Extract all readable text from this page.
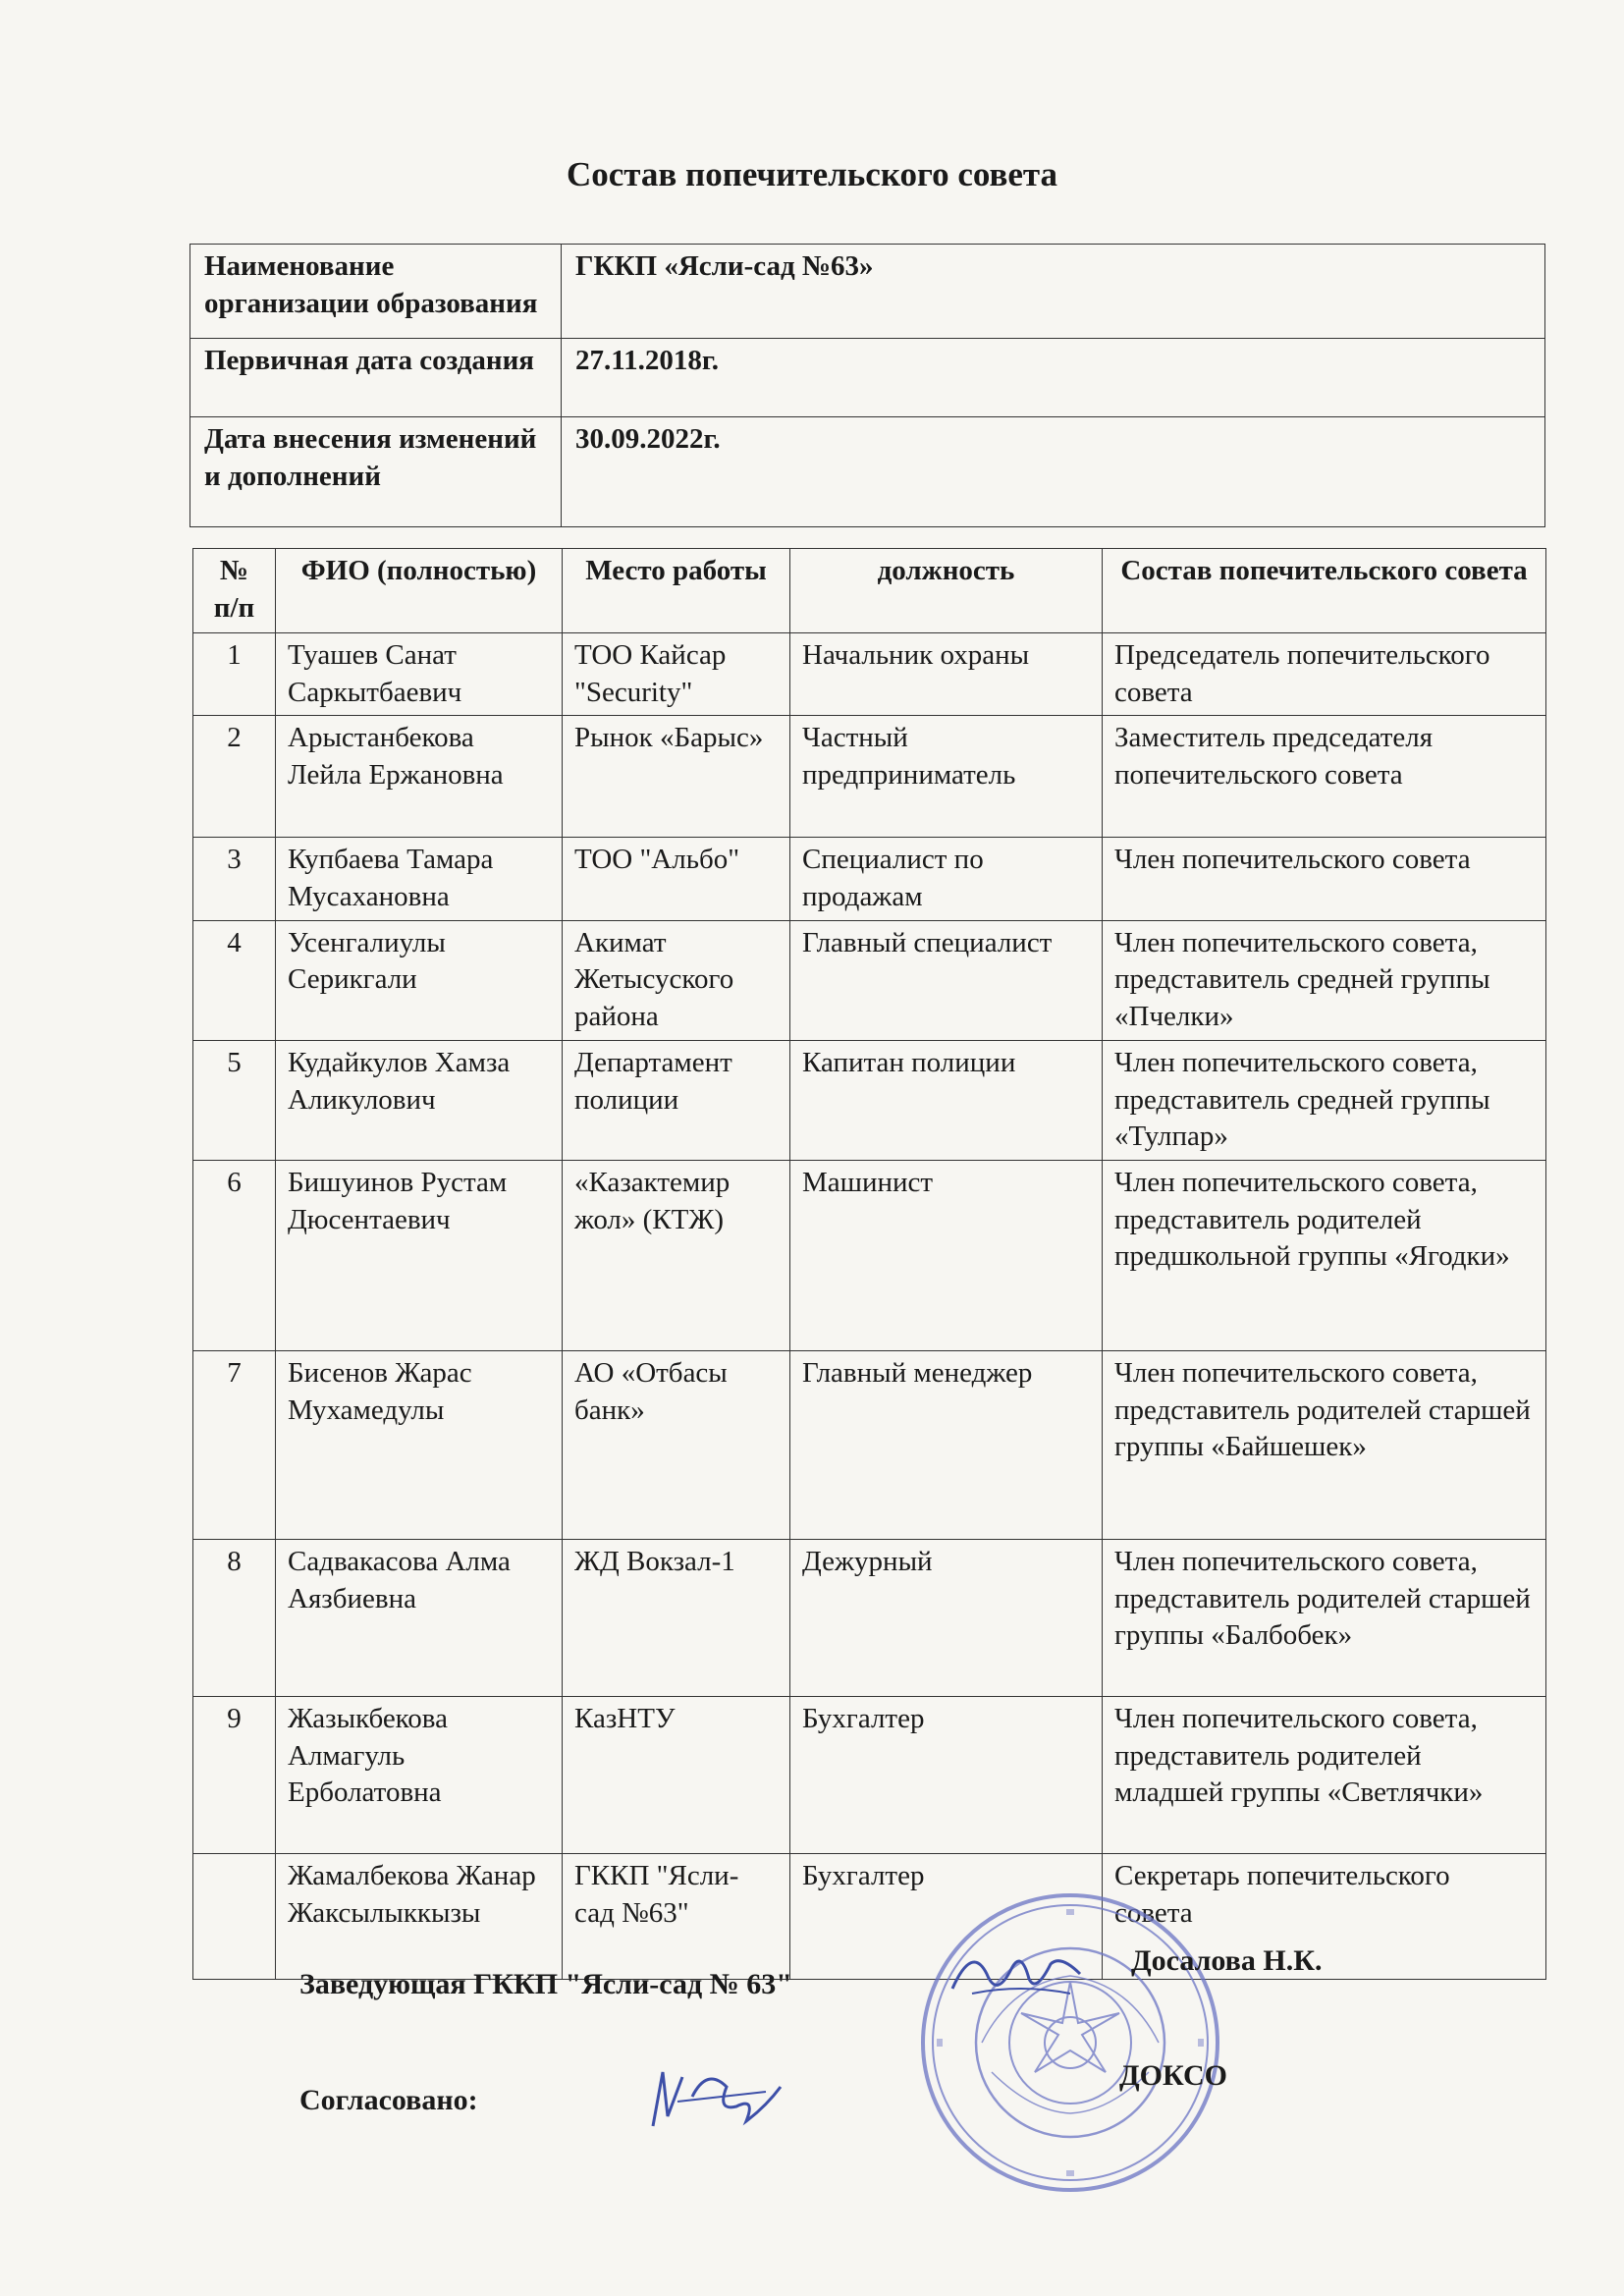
Состав попечительского совета
Наименование организации образования	ГККП «Ясли-сад №63»
Первичная дата создания	27.11.2018г.
Дата внесения изменений и дополнений	30.09.2022г.
№ п/п	ФИО (полностью)	Место работы	должность	Состав попечительского совета
1	Туашев Санат Саркытбаевич	ТОО Кайсар "Security"	Начальник охраны	Председатель попечительского совета
2	Арыстанбекова Лейла Ержановна	Рынок «Барыс»	Частный предприниматель	Заместитель председателя попечительского совета
3	Купбаева Тамара Мусахановна	ТОО "Альбо"	Специалист по продажам	Член попечительского совета
4	Усенгалиулы Серикгали	Акимат Жетысуского района	Главный специалист	Член попечительского совета, представитель средней группы «Пчелки»
5	Кудайкулов Хамза Аликулович	Департамент полиции	Капитан полиции	Член попечительского совета, представитель средней группы «Тулпар»
6	Бишуинов Рустам Дюсентаевич	«Казактемир жол» (КТЖ)	Машинист	Член попечительского совета, представитель родителей предшкольной группы «Ягодки»
7	Бисенов Жарас Мухамедулы	АО «Отбасы банк»	Главный менеджер	Член попечительского совета, представитель родителей старшей группы «Байшешек»
8	Садвакасова Алма Аязбиевна	ЖД Вокзал-1	Дежурный	Член попечительского совета, представитель родителей старшей группы «Балбобек»
9	Жазыкбекова Алмагуль Ерболатовна	КазНТУ	Бухгалтер	Член попечительского совета, представитель родителей младшей группы «Светлячки»
	Жамалбекова Жанар Жаксылыккызы	ГККП "Ясли-сад №63"	Бухгалтер	Секретарь попечительского совета
Заведующая ГККП "Ясли-сад № 63"
Досалова Н.К.
Согласовано:
ДОКСО
